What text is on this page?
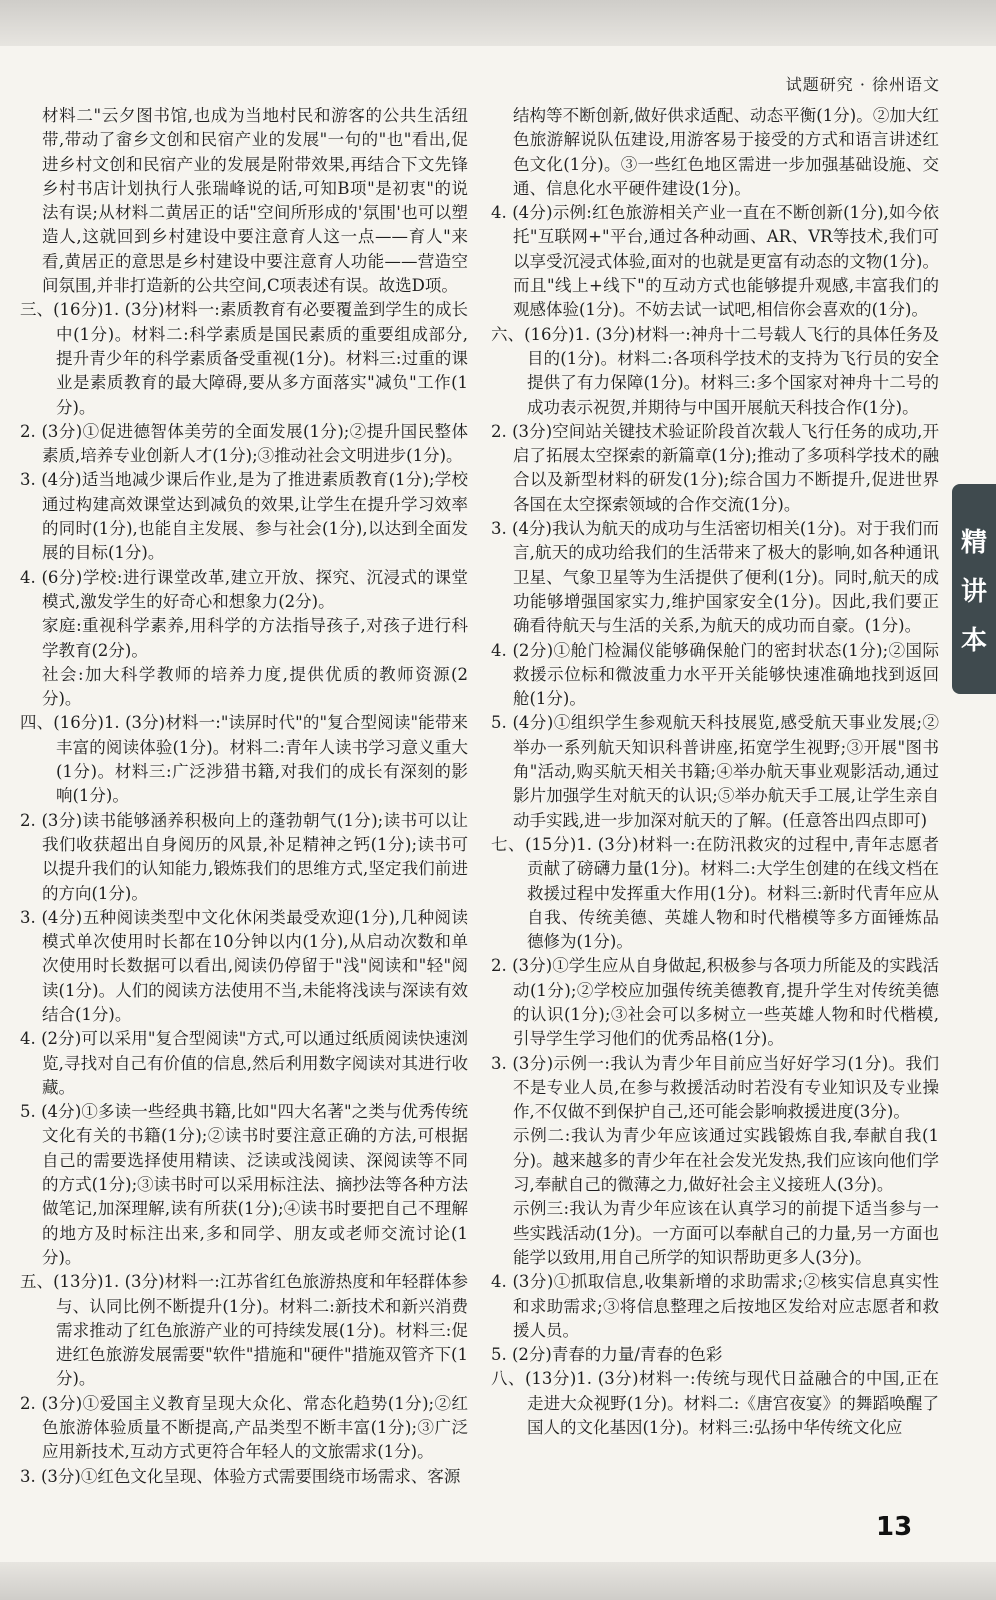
试题研究 · 徐州语文

材料二"云夕图书馆,也成为当地村民和游客的公共生活纽带,带动了畲乡文创和民宿产业的发展"一句的"也"看出,促进乡村文创和民宿产业的发展是附带效果,再结合下文先锋乡村书店计划执行人张瑞峰说的话,可知B项"是初衷"的说法有误;从材料二黄居正的话"空间所形成的'氛围'也可以塑造人,这就回到乡村建设中要注意育人这一点——育人"来看,黄居正的意思是乡村建设中要注意育人功能——营造空间氛围,并非打造新的公共空间,C项表述有误。故选D项。

三、(16分)1. (3分)材料一:素质教育有必要覆盖到学生的成长中(1分)。材料二:科学素质是国民素质的重要组成部分,提升青少年的科学素质备受重视(1分)。材料三:过重的课业是素质教育的最大障碍,要从多方面落实"减负"工作(1分)。

2. (3分)①促进德智体美劳的全面发展(1分);②提升国民整体素质,培养专业创新人才(1分);③推动社会文明进步(1分)。

3. (4分)适当地减少课后作业,是为了推进素质教育(1分);学校通过构建高效课堂达到减负的效果,让学生在提升学习效率的同时(1分),也能自主发展、参与社会(1分),以达到全面发展的目标(1分)。

4. (6分)学校:进行课堂改革,建立开放、探究、沉浸式的课堂模式,激发学生的好奇心和想象力(2分)。

家庭:重视科学素养,用科学的方法指导孩子,对孩子进行科学教育(2分)。

社会:加大科学教师的培养力度,提供优质的教师资源(2分)。

四、(16分)1. (3分)材料一:"读屏时代"的"复合型阅读"能带来丰富的阅读体验(1分)。材料二:青年人读书学习意义重大(1分)。材料三:广泛涉猎书籍,对我们的成长有深刻的影响(1分)。

2. (3分)读书能够涵养积极向上的蓬勃朝气(1分);读书可以让我们收获超出自身阅历的风景,补足精神之钙(1分);读书可以提升我们的认知能力,锻炼我们的思维方式,坚定我们前进的方向(1分)。

3. (4分)五种阅读类型中文化休闲类最受欢迎(1分),几种阅读模式单次使用时长都在10分钟以内(1分),从启动次数和单次使用时长数据可以看出,阅读仍停留于"浅"阅读和"轻"阅读(1分)。人们的阅读方法使用不当,未能将浅读与深读有效结合(1分)。

4. (2分)可以采用"复合型阅读"方式,可以通过纸质阅读快速浏览,寻找对自己有价值的信息,然后利用数字阅读对其进行收藏。

5. (4分)①多读一些经典书籍,比如"四大名著"之类与优秀传统文化有关的书籍(1分);②读书时要注意正确的方法,可根据自己的需要选择使用精读、泛读或浅阅读、深阅读等不同的方式(1分);③读书时可以采用标注法、摘抄法等各种方法做笔记,加深理解,读有所获(1分);④读书时要把自己不理解的地方及时标注出来,多和同学、朋友或老师交流讨论(1分)。

五、(13分)1. (3分)材料一:江苏省红色旅游热度和年轻群体参与、认同比例不断提升(1分)。材料二:新技术和新兴消费需求推动了红色旅游产业的可持续发展(1分)。材料三:促进红色旅游发展需要"软件"措施和"硬件"措施双管齐下(1分)。

2. (3分)①爱国主义教育呈现大众化、常态化趋势(1分);②红色旅游体验质量不断提高,产品类型不断丰富(1分);③广泛应用新技术,互动方式更符合年轻人的文旅需求(1分)。

3. (3分)①红色文化呈现、体验方式需要围绕市场需求、客源

结构等不断创新,做好供求适配、动态平衡(1分)。②加大红色旅游解说队伍建设,用游客易于接受的方式和语言讲述红色文化(1分)。③一些红色地区需进一步加强基础设施、交通、信息化水平硬件建设(1分)。

4. (4分)示例:红色旅游相关产业一直在不断创新(1分),如今依托"互联网+"平台,通过各种动画、AR、VR等技术,我们可以享受沉浸式体验,面对的也就是更富有动态的文物(1分)。而且"线上+线下"的互动方式也能够提升观感,丰富我们的观感体验(1分)。不妨去试一试吧,相信你会喜欢的(1分)。

六、(16分)1. (3分)材料一:神舟十二号载人飞行的具体任务及目的(1分)。材料二:各项科学技术的支持为飞行员的安全提供了有力保障(1分)。材料三:多个国家对神舟十二号的成功表示祝贺,并期待与中国开展航天科技合作(1分)。

2. (3分)空间站关键技术验证阶段首次载人飞行任务的成功,开启了拓展太空探索的新篇章(1分);推动了多项科学技术的融合以及新型材料的研发(1分);综合国力不断提升,促进世界各国在太空探索领域的合作交流(1分)。

3. (4分)我认为航天的成功与生活密切相关(1分)。对于我们而言,航天的成功给我们的生活带来了极大的影响,如各种通讯卫星、气象卫星等为生活提供了便利(1分)。同时,航天的成功能够增强国家实力,维护国家安全(1分)。因此,我们要正确看待航天与生活的关系,为航天的成功而自豪。(1分)。

4. (2分)①舱门检漏仪能够确保舱门的密封状态(1分);②国际救援示位标和微波重力水平开关能够快速准确地找到返回舱(1分)。

5. (4分)①组织学生参观航天科技展览,感受航天事业发展;②举办一系列航天知识科普讲座,拓宽学生视野;③开展"图书角"活动,购买航天相关书籍;④举办航天事业观影活动,通过影片加强学生对航天的认识;⑤举办航天手工展,让学生亲自动手实践,进一步加深对航天的了解。(任意答出四点即可)

七、(15分)1. (3分)材料一:在防汛救灾的过程中,青年志愿者贡献了磅礴力量(1分)。材料二:大学生创建的在线文档在救援过程中发挥重大作用(1分)。材料三:新时代青年应从自我、传统美德、英雄人物和时代楷模等多方面锤炼品德修为(1分)。

2. (3分)①学生应从自身做起,积极参与各项力所能及的实践活动(1分);②学校应加强传统美德教育,提升学生对传统美德的认识(1分);③社会可以多树立一些英雄人物和时代楷模,引导学生学习他们的优秀品格(1分)。

3. (3分)示例一:我认为青少年目前应当好好学习(1分)。我们不是专业人员,在参与救援活动时若没有专业知识及专业操作,不仅做不到保护自己,还可能会影响救援进度(3分)。

示例二:我认为青少年应该通过实践锻炼自我,奉献自我(1分)。越来越多的青少年在社会发光发热,我们应该向他们学习,奉献自己的微薄之力,做好社会主义接班人(3分)。

示例三:我认为青少年应该在认真学习的前提下适当参与一些实践活动(1分)。一方面可以奉献自己的力量,另一方面也能学以致用,用自己所学的知识帮助更多人(3分)。

4. (3分)①抓取信息,收集新增的求助需求;②核实信息真实性和求助需求;③将信息整理之后按地区发给对应志愿者和救援人员。

5. (2分)青春的力量/青春的色彩

八、(13分)1. (3分)材料一:传统与现代日益融合的中国,正在走进大众视野(1分)。材料二:《唐宫夜宴》的舞蹈唤醒了国人的文化基因(1分)。材料三:弘扬中华传统文化应

精
讲
本
13
